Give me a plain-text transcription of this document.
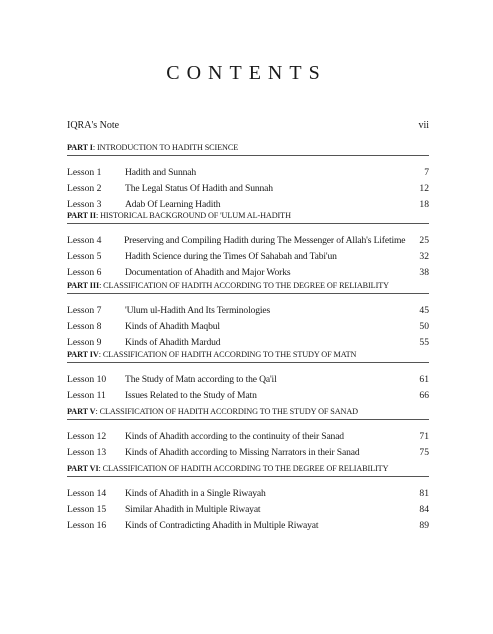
CONTENTS
IQRA's Note	vii
PART I: INTRODUCTION TO HADITH SCIENCE
Lesson 1	Hadith and Sunnah	7
Lesson 2	The Legal Status Of Hadith and Sunnah	12
Lesson 3	Adab Of Learning Hadith	18
PART II: HISTORICAL BACKGROUND OF 'ULUM AL-HADITH
Lesson 4	Preserving and Compiling Hadith during The Messenger of Allah's Lifetime	25
Lesson 5	Hadith Science during the Times Of Sahabah and Tabi'un	32
Lesson 6	Documentation of Ahadith and Major Works	38
PART III: CLASSIFICATION OF HADITH ACCORDING TO THE DEGREE OF RELIABILITY
Lesson 7	'Ulum ul-Hadith And Its Terminologies	45
Lesson 8	Kinds of Ahadith Maqbul	50
Lesson 9	Kinds of Ahadith Mardud	55
PART IV: CLASSIFICATION OF HADITH ACCORDING TO THE STUDY OF MATN
Lesson 10	The Study of Matn according to the Qa'il	61
Lesson 11	Issues Related to the Study of Matn	66
PART V: CLASSIFICATION OF HADITH ACCORDING TO THE STUDY OF SANAD
Lesson 12	Kinds of Ahadith according to the continuity of their Sanad	71
Lesson 13	Kinds of Ahadith according to Missing Narrators in their Sanad	75
PART VI: CLASSIFICATION OF HADITH ACCORDING TO THE DEGREE OF RELIABILITY
Lesson 14	Kinds of Ahadith in a Single Riwayah	81
Lesson 15	Similar Ahadith in Multiple Riwayat	84
Lesson 16	Kinds of Contradicting Ahadith in Multiple Riwayat	89
